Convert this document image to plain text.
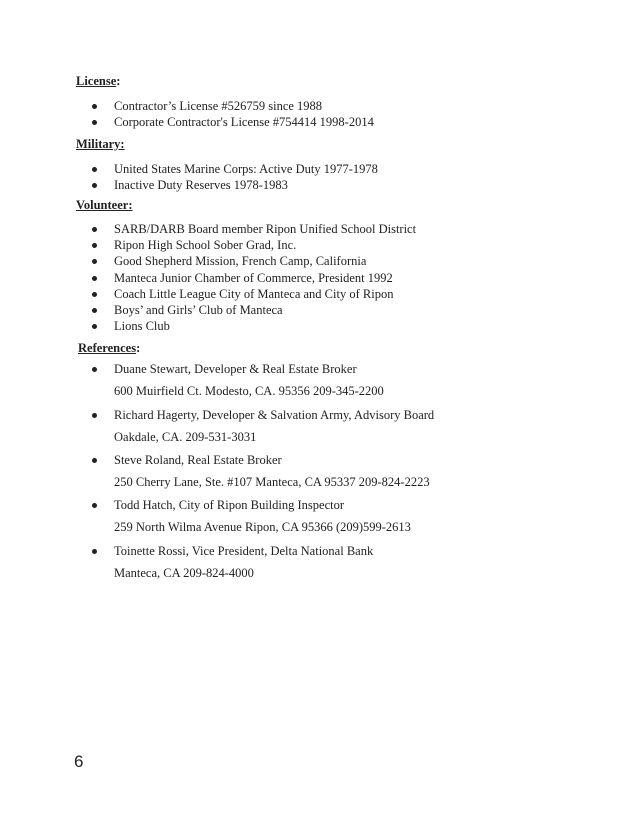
License:
Contractor’s License #526759 since 1988
Corporate Contractor's License #754414 1998-2014
Military:
United States Marine Corps: Active Duty 1977-1978
Inactive Duty Reserves 1978-1983
Volunteer:
SARB/DARB Board member Ripon Unified School District
Ripon High School Sober Grad, Inc.
Good Shepherd Mission, French Camp, California
Manteca Junior Chamber of Commerce, President 1992
Coach Little League City of Manteca and City of Ripon
Boys’ and Girls’ Club of Manteca
Lions Club
References:
Duane Stewart, Developer & Real Estate Broker
600 Muirfield Ct. Modesto, CA. 95356 209-345-2200
Richard Hagerty, Developer & Salvation Army, Advisory Board
Oakdale, CA. 209-531-3031
Steve Roland, Real Estate Broker
250 Cherry Lane, Ste. #107 Manteca, CA 95337 209-824-2223
Todd Hatch, City of Ripon Building Inspector
259 North Wilma Avenue Ripon, CA 95366 (209)599-2613
Toinette Rossi, Vice President, Delta National Bank
Manteca, CA 209-824-4000
6
